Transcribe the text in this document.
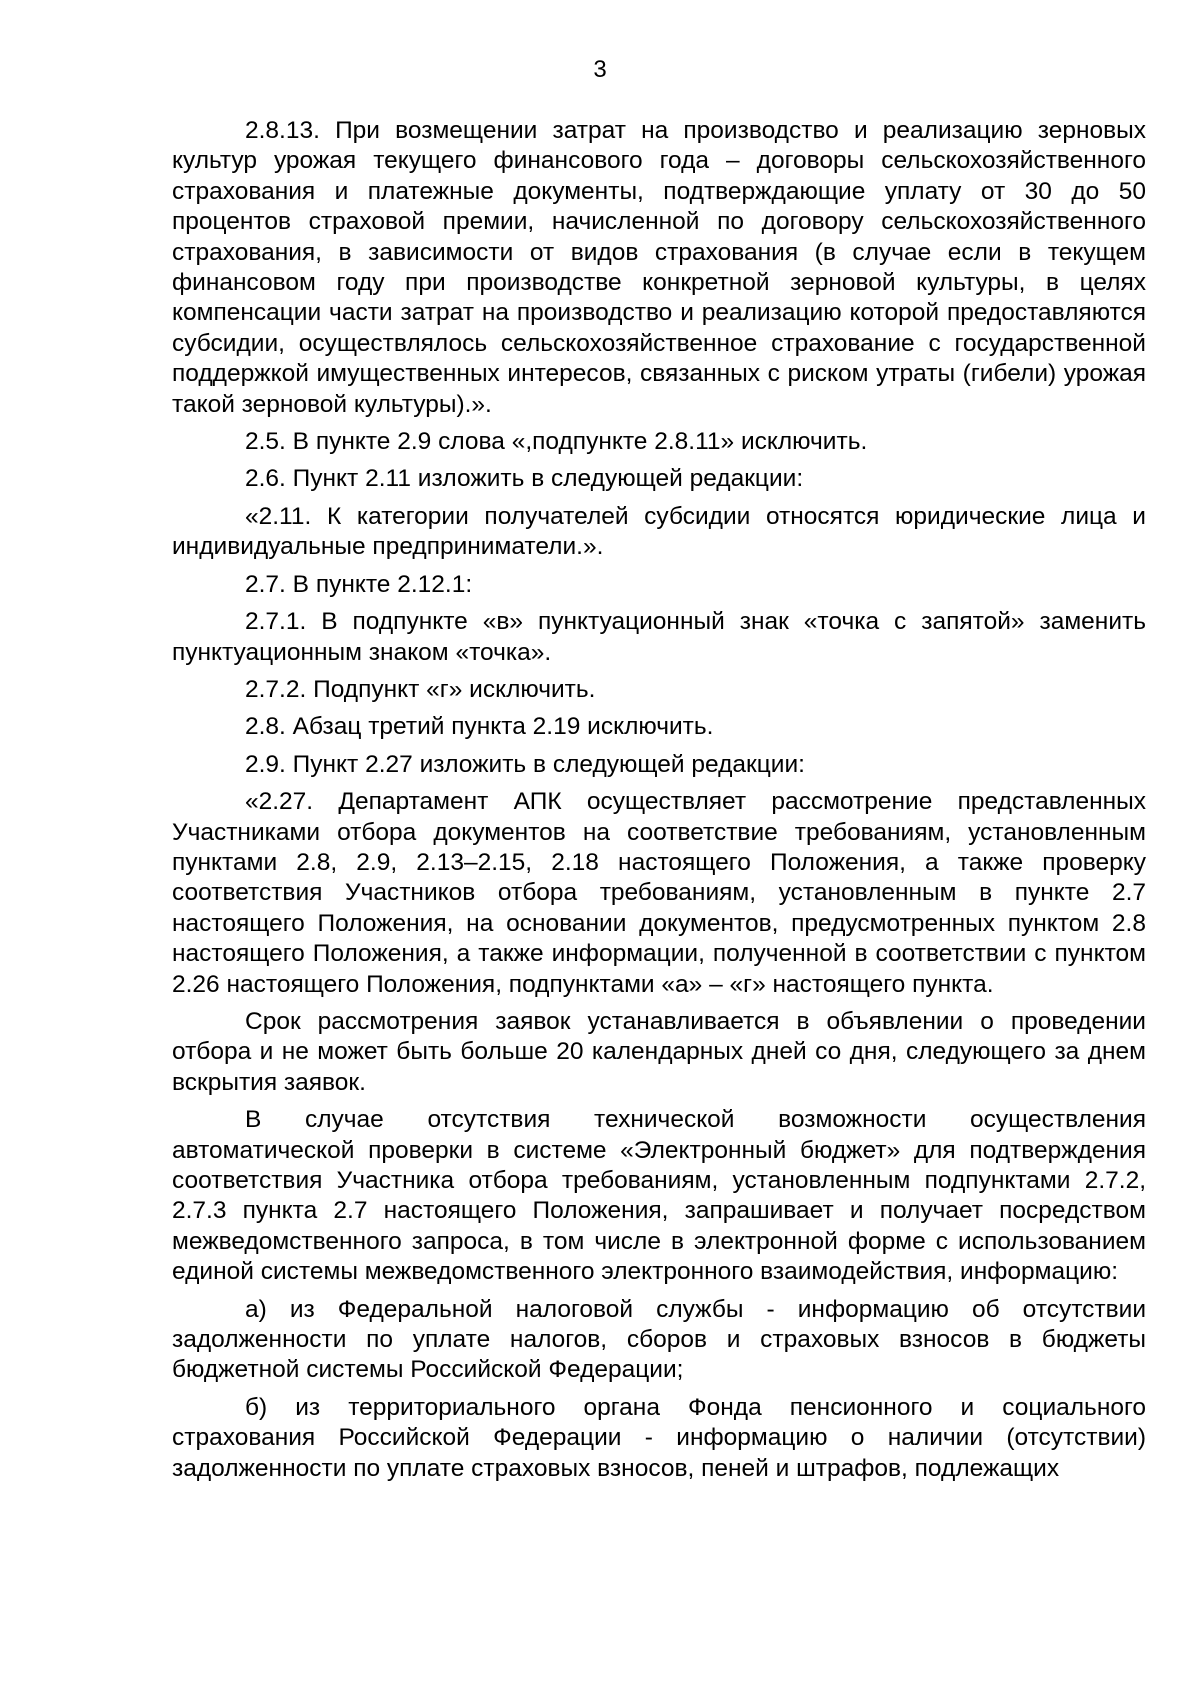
3

2.8.13. При возмещении затрат на производство и реализацию зерновых культур урожая текущего финансового года – договоры сельскохозяйственного страхования и платежные документы, подтверждающие уплату от 30 до 50 процентов страховой премии, начисленной по договору сельскохозяйственного страхования, в зависимости от видов страхования (в случае если в текущем финансовом году при производстве конкретной зерновой культуры, в целях компенсации части затрат на производство и реализацию которой предоставляются субсидии, осуществлялось сельскохозяйственное страхование с государственной поддержкой имущественных интересов, связанных с риском утраты (гибели) урожая такой зерновой культуры).».

2.5. В пункте 2.9 слова «,подпункте 2.8.11» исключить.

2.6. Пункт 2.11 изложить в следующей редакции:

«2.11. К категории получателей субсидии относятся юридические лица и индивидуальные предприниматели.».

2.7. В пункте 2.12.1:

2.7.1. В подпункте «в» пунктуационный знак «точка с запятой» заменить пунктуационным знаком «точка».

2.7.2. Подпункт «г» исключить.

2.8. Абзац третий пункта 2.19 исключить.

2.9. Пункт 2.27 изложить в следующей редакции:

«2.27. Департамент АПК осуществляет рассмотрение представленных Участниками отбора документов на соответствие требованиям, установленным пунктами 2.8, 2.9, 2.13–2.15, 2.18 настоящего Положения, а также проверку соответствия Участников отбора требованиям, установленным в пункте 2.7 настоящего Положения, на основании документов, предусмотренных пунктом 2.8 настоящего Положения, а также информации, полученной в соответствии с пунктом 2.26 настоящего Положения, подпунктами «а» – «г» настоящего пункта.

Срок рассмотрения заявок устанавливается в объявлении о проведении отбора и не может быть больше 20 календарных дней со дня, следующего за днем вскрытия заявок.

В случае отсутствия технической возможности осуществления автоматической проверки в системе «Электронный бюджет» для подтверждения соответствия Участника отбора требованиям, установленным подпунктами 2.7.2, 2.7.3 пункта 2.7 настоящего Положения, запрашивает и получает посредством межведомственного запроса, в том числе в электронной форме с использованием единой системы межведомственного электронного взаимодействия, информацию:

а) из Федеральной налоговой службы - информацию об отсутствии задолженности по уплате налогов, сборов и страховых взносов в бюджеты бюджетной системы Российской Федерации;

б) из территориального органа Фонда пенсионного и социального страхования Российской Федерации - информацию о наличии (отсутствии) задолженности по уплате страховых взносов, пеней и штрафов, подлежащих
